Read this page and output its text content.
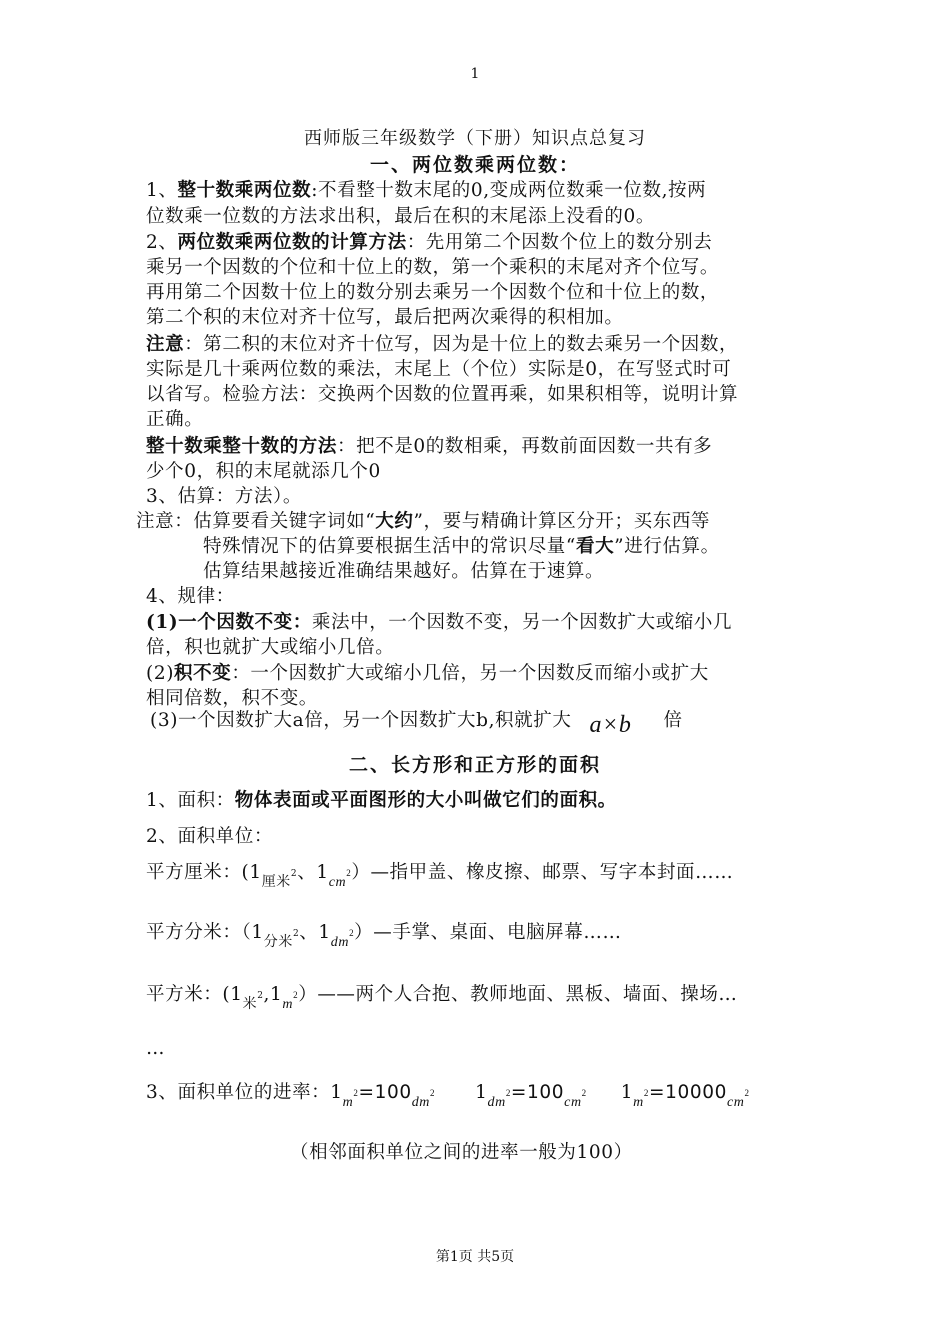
1
西师版三年级数学（下册）知识点总复习
一、两位数乘两位数：
1、整十数乘两位数:不看整十数末尾的0,变成两位数乘一位数,按两
位数乘一位数的方法求出积，最后在积的末尾添上没看的0。
2、两位数乘两位数的计算方法：先用第二个因数个位上的数分别去
乘另一个因数的个位和十位上的数，第一个乘积的末尾对齐个位写。
再用第二个因数十位上的数分别去乘另一个因数个位和十位上的数，
第二个积的末位对齐十位写，最后把两次乘得的积相加。
注意：第二积的末位对齐十位写，因为是十位上的数去乘另一个因数，
实际是几十乘两位数的乘法，末尾上（个位）实际是0，在写竖式时可
以省写。检验方法：交换两个因数的位置再乘，如果积相等，说明计算
正确。
整十数乘整十数的方法：把不是0的数相乘，再数前面因数一共有多
少个0，积的末尾就添几个0
3、估算：方法）。
注意：估算要看关键字词如“大约”，要与精确计算区分开；买东西等
特殊情况下的估算要根据生活中的常识尽量“看大”进行估算。
估算结果越接近准确结果越好。估算在于速算。
4、规律：
(1)一个因数不变：乘法中，一个因数不变，另一个因数扩大或缩小几
倍，积也就扩大或缩小几倍。
(2)积不变：一个因数扩大或缩小几倍，另一个因数反而缩小或扩大
相同倍数，积不变。
(3)一个因数扩大a倍，另一个因数扩大b,积就扩大 a×b 倍
二、长方形和正方形的面积
1、面积：物体表面或平面图形的大小叫做它们的面积。
2、面积单位：
平方厘米：($1_{厘米^2}$、$1_{cm^2})—$指甲盖、橡皮擦、邮票、写字本封面……
平方分米：（$1_{分米^2}$、$1_{dm^2})—$手掌、桌面、电脑屏幕……
平方米：$(1_{米^2},1_{m^2})——$两个人合抱、教师地面、黑板、墙面、操场…
…
3、面积单位的进率：$1_{m^2}=100_{dm^2}$ $1_{dm^2}=100_{cm^2}$ $1_{m^2}=10000_{cm^2}$
（相邻面积单位之间的进率一般为100）
第1页 共5页
